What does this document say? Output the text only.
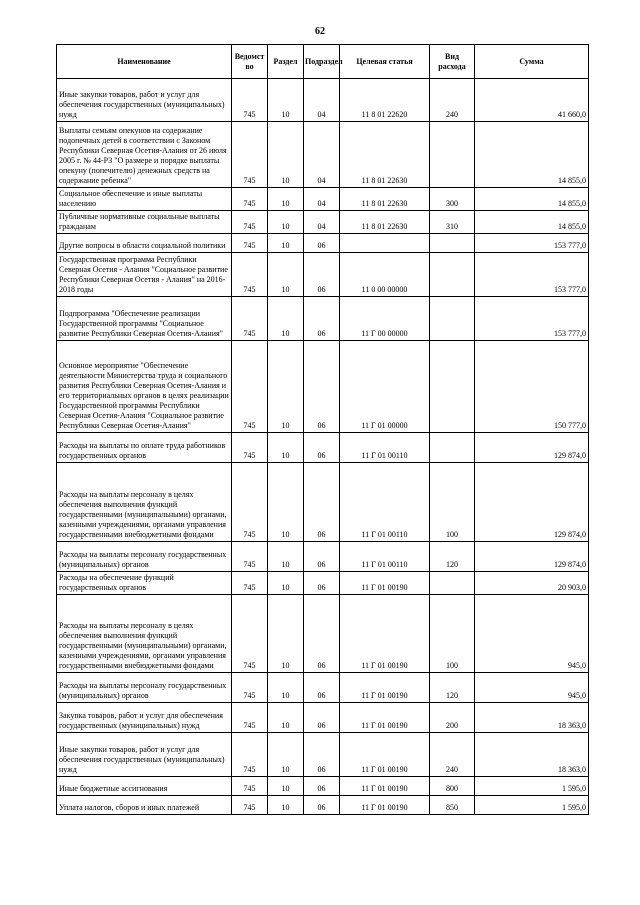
62
Наименование	Ведомст во	Раздел	Подраздел	Целевая статья	Вид расхода	Сумма
Иные закупки товаров, работ и услуг для обеспечения государственных (муниципальных) нужд	745	10	04	11 8 01 22620	240	41 660,0
Выплаты семьям опекунов на содержание подопечных детей в соответствии с Законом Республики Северная Осетия-Алания от 26 июля 2005 г. № 44-РЗ "О размере и порядке выплаты опекуну (попечителю) денежных средств на содержание ребенка"	745	10	04	11 8 01 22630		14 855,0
Социальное обеспечение и иные выплаты населению	745	10	04	11 8 01 22630	300	14 855,0
Публичные нормативные социальные выплаты гражданам	745	10	04	11 8 01 22630	310	14 855,0
Другие вопросы в области социальной политики	745	10	06			153 777,0
Государственная программа Республики Северная Осетия - Алания "Социальное развитие Республики Северная Осетия - Алания" на 2016-2018 годы	745	10	06	11 0 00 00000		153 777,0
Подпрограмма "Обеспечение реализации Государственной программы "Социальное развитие Республики Северная Осетия-Алания"	745	10	06	11 Г 00 00000		153 777,0
Основное мероприятие "Обеспечение деятельности Министерства труда и социального развития Республики Северная Осетия-Алания и его территориальных органов в целях реализации Государственной программы Республики Северная Осетия-Алания "Социальное развитие Республики Северная Осетия-Алания"	745	10	06	11 Г 01 00000		150 777,0
Расходы на выплаты по оплате труда работников государственных органов	745	10	06	11 Г 01 00110		129 874,0
Расходы на выплаты персоналу в целях обеспечения выполнения функций государственными (муниципальными) органами, казенными учреждениями, органами управления государственными внебюджетными фондами	745	10	06	11 Г 01 00110	100	129 874,0
Расходы на выплаты персоналу государственных (муниципальных) органов	745	10	06	11 Г 01 00110	120	129 874,0
Расходы на обеспечение функций государственных органов	745	10	06	11 Г 01 00190		20 903,0
Расходы на выплаты персоналу в целях обеспечения выполнения функций государственными (муниципальными) органами, казенными учреждениями, органами управления государственными внебюджетными фондами	745	10	06	11 Г 01 00190	100	945,0
Расходы на выплаты персоналу государственных (муниципальных) органов	745	10	06	11 Г 01 00190	120	945,0
Закупка товаров, работ и услуг для обеспечения государственных (муниципальных) нужд	745	10	06	11 Г 01 00190	200	18 363,0
Иные закупки товаров, работ и услуг для обеспечения государственных (муниципальных) нужд	745	10	06	11 Г 01 00190	240	18 363,0
Иные бюджетные ассигнования	745	10	06	11 Г 01 00190	800	1 595,0
Уплата налогов, сборов и иных платежей	745	10	06	11 Г 01 00190	850	1 595,0
